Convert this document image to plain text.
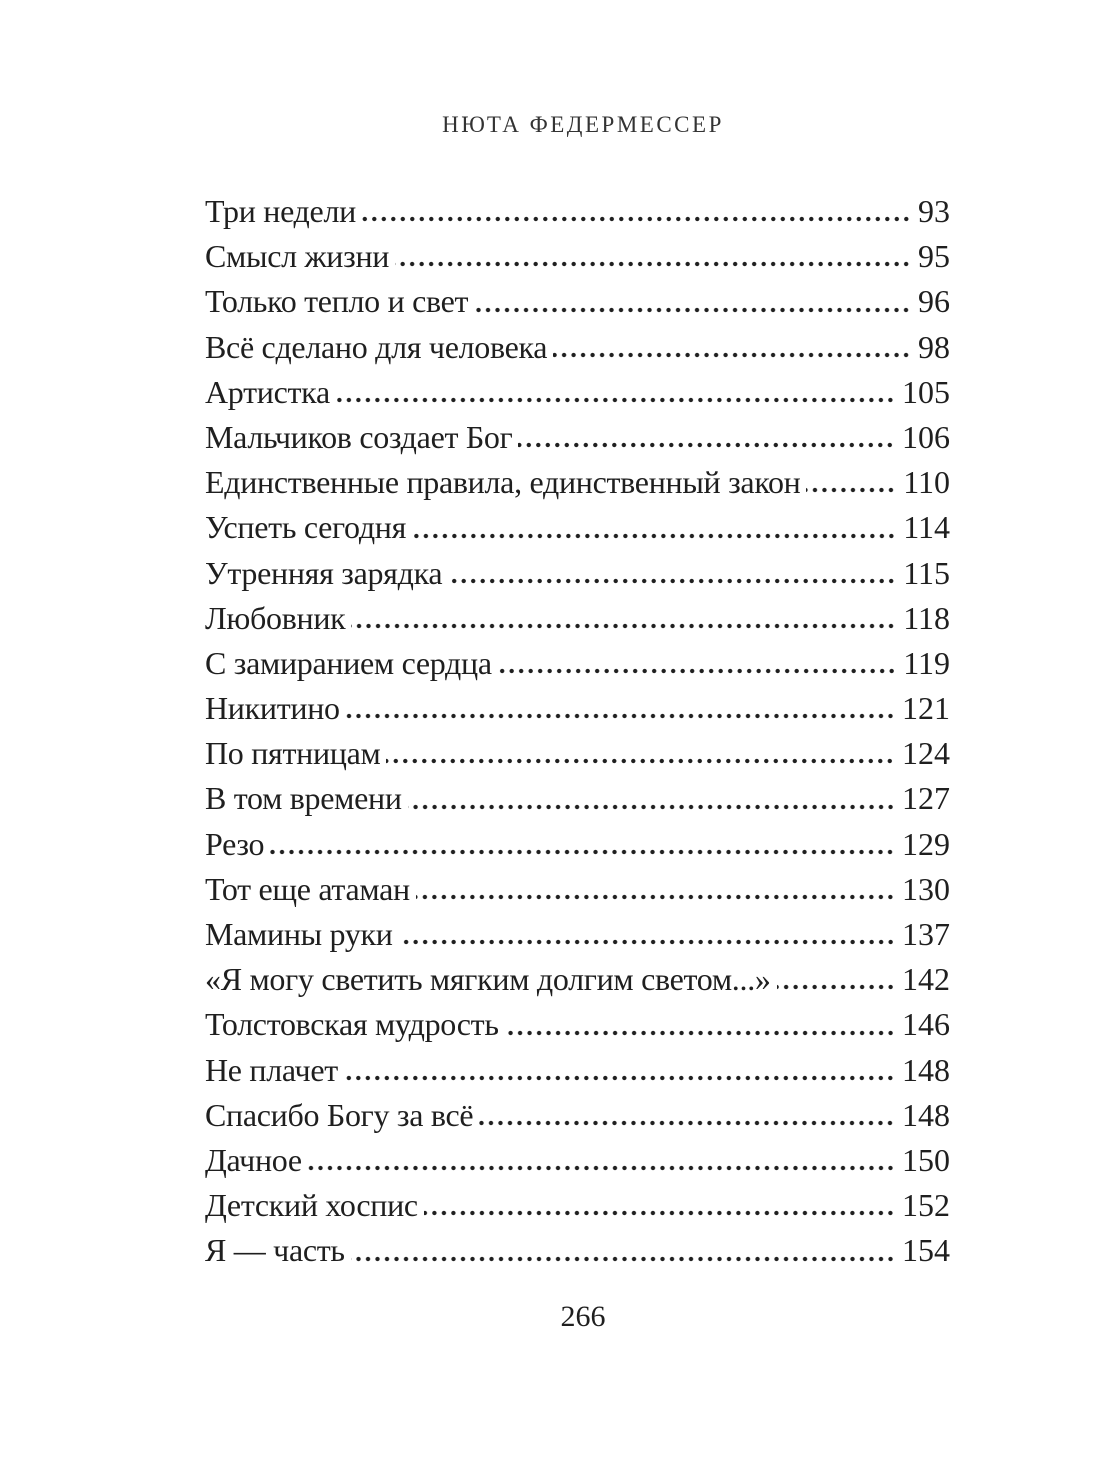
НЮТА ФЕДЕРМЕССЕР
Три недели	93
Смысл жизни	95
Только тепло и свет	96
Всё сделано для человека	98
Артистка	105
Мальчиков создает Бог	106
Единственные правила, единственный закон	110
Успеть сегодня	114
Утренняя зарядка	115
Любовник	118
С замиранием сердца	119
Никитино	121
По пятницам	124
В том времени	127
Резо	129
Тот еще атаман	130
Мамины руки	137
«Я могу светить мягким долгим светом...»	142
Толстовская мудрость	146
Не плачет	148
Спасибо Богу за всё	148
Дачное	150
Детский хоспис	152
Я — часть	154
266
